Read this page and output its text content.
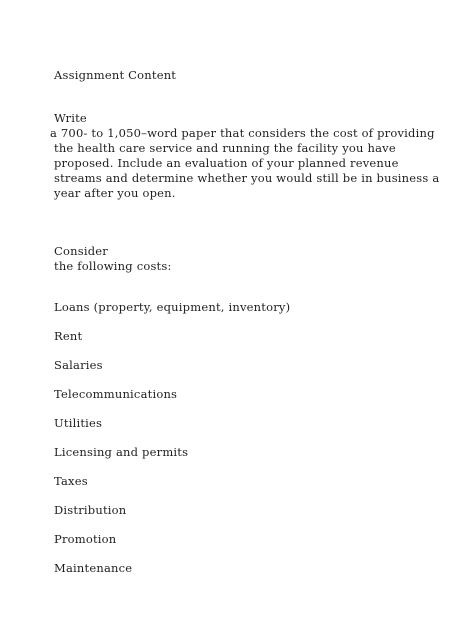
Assignment Content
Write
a 700- to 1,050–word paper that considers the cost of providing
the health care service and running the facility you have
proposed. Include an evaluation of your planned revenue
streams and determine whether you would still be in business a
year after you open.
Consider
the following costs:
Loans (property, equipment, inventory)
Rent
Salaries
Telecommunications
Utilities
Licensing and permits
Taxes
Distribution
Promotion
Maintenance
